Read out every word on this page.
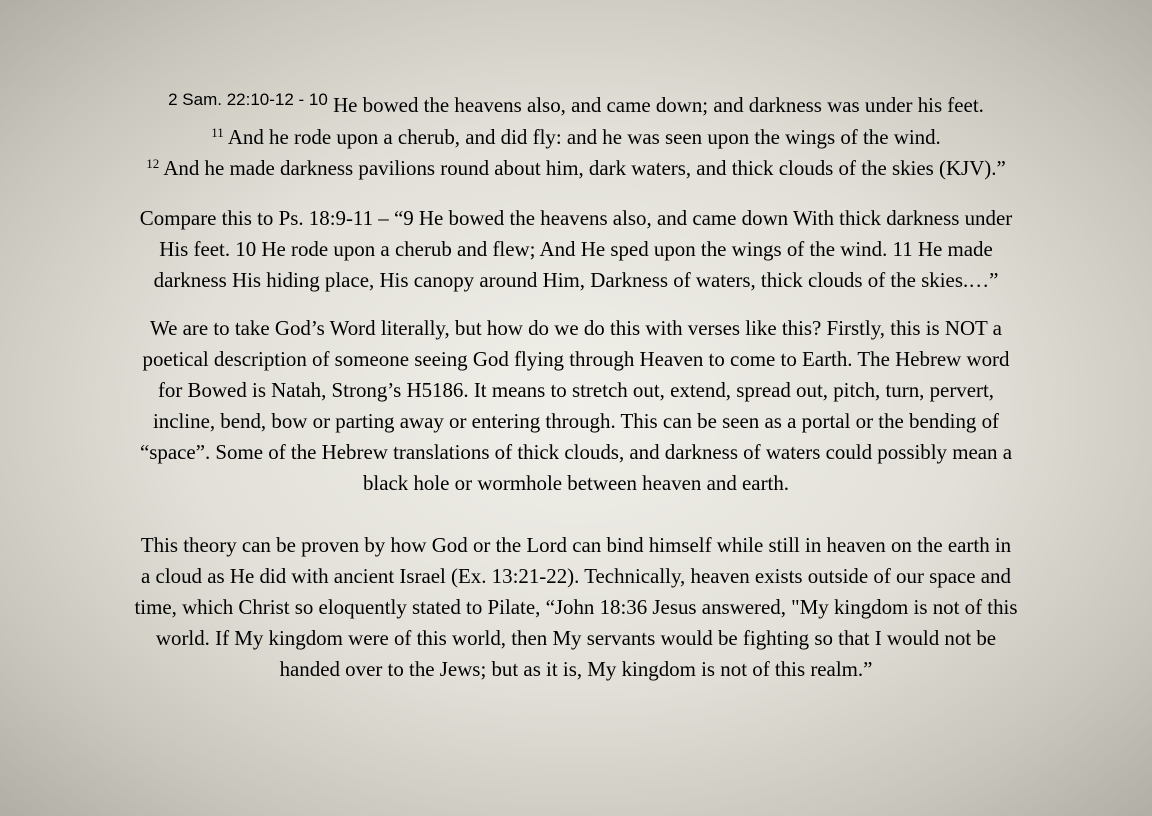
$^{2 Sam. 22:10-12 - 10}$ He bowed the heavens also, and came down; and darkness was under his feet.
$^{11}$ And he rode upon a cherub, and did fly: and he was seen upon the wings of the wind.
$^{12}$ And he made darkness pavilions round about him, dark waters, and thick clouds of the skies (KJV).”
Compare this to Ps. 18:9-11 – “9 He bowed the heavens also, and came down With thick darkness under
His feet. 10 He rode upon a cherub and flew; And He sped upon the wings of the wind. 11 He made
darkness His hiding place, His canopy around Him, Darkness of waters, thick clouds of the skies.…”
We are to take God’s Word literally, but how do we do this with verses like this? Firstly, this is NOT a
poetical description of someone seeing God flying through Heaven to come to Earth. The Hebrew word
for Bowed is Natah, Strong’s H5186. It means to stretch out, extend, spread out, pitch, turn, pervert,
incline, bend, bow or parting away or entering through. This can be seen as a portal or the bending of
“space”. Some of the Hebrew translations of thick clouds, and darkness of waters could possibly mean a
black hole or wormhole between heaven and earth.
This theory can be proven by how God or the Lord can bind himself while still in heaven on the earth in
a cloud as He did with ancient Israel (Ex. 13:21-22). Technically, heaven exists outside of our space and
time, which Christ so eloquently stated to Pilate, “John 18:36 Jesus answered, "My kingdom is not of this
world. If My kingdom were of this world, then My servants would be fighting so that I would not be
handed over to the Jews; but as it is, My kingdom is not of this realm.”
